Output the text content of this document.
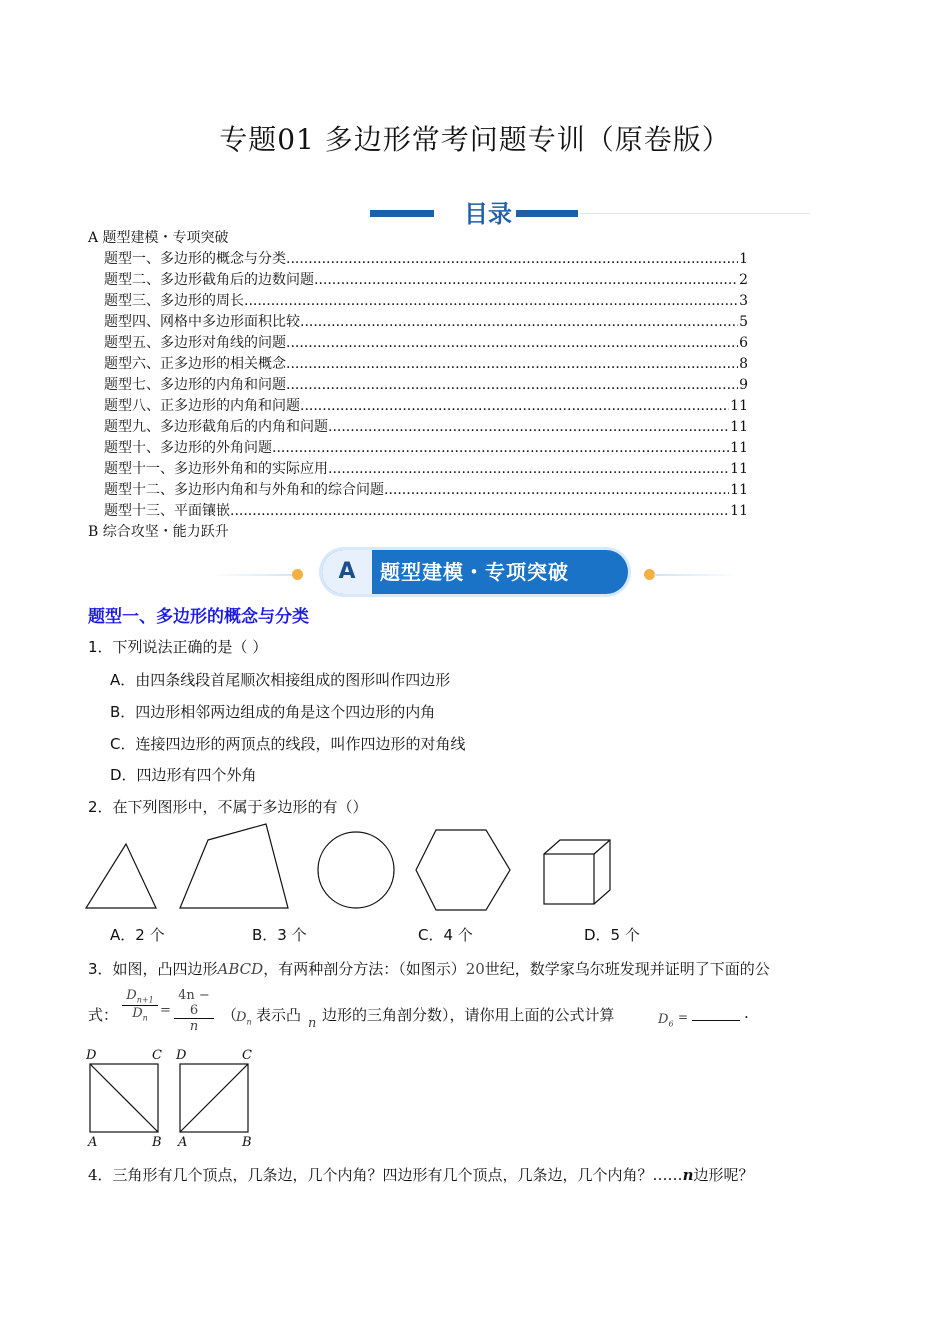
专题01 多边形常考问题专训（原卷版）
目录
A 题型建模・专项突破
题型一、多边形的概念与分类 .....	1
题型二、多边形截角后的边数问题 .....	2
题型三、多边形的周长 .....	3
题型四、网格中多边形面积比较 .....	5
题型五、多边形对角线的问题 .....	6
题型六、正多边形的相关概念 .....	8
题型七、多边形的内角和问题 .....	9
题型八、正多边形的内角和问题 .....	11
题型九、多边形截角后的内角和问题 .....	11
题型十、多边形的外角问题 .....	11
题型十一、多边形外角和的实际应用 .....	11
题型十二、多边形内角和与外角和的综合问题 .....	11
题型十三、平面镶嵌 .....	11
B 综合攻坚・能力跃升
A	题型建模・专项突破
题型一、多边形的概念与分类
1．下列说法正确的是（ ）
A．由四条线段首尾顺次相接组成的图形叫作四边形
B．四边形相邻两边组成的角是这个四边形的内角
C．连接四边形的两顶点的线段，叫作四边形的对角线
D．四边形有四个外角
2．在下列图形中，不属于多边形的有（）
A．2 个	B．3 个	C．4 个	D．5 个
3．如图，凸四边形ABCD，有两种剖分方法：（如图示）20世纪，数学家乌尔班发现并证明了下面的公
式：
$D_{n+1}$
$D_n = \frac{4n - 6}{n}$ （
$D_n$ 表示凸 n 边形的三角剖分数），请你用上面的公式计算	$D_6$
=	.
D	C
A	B
D	C
A	B
4．三角形有几个顶点，几条边，几个内角？四边形有几个顶点，几条边，几个内角？……n边形呢？
